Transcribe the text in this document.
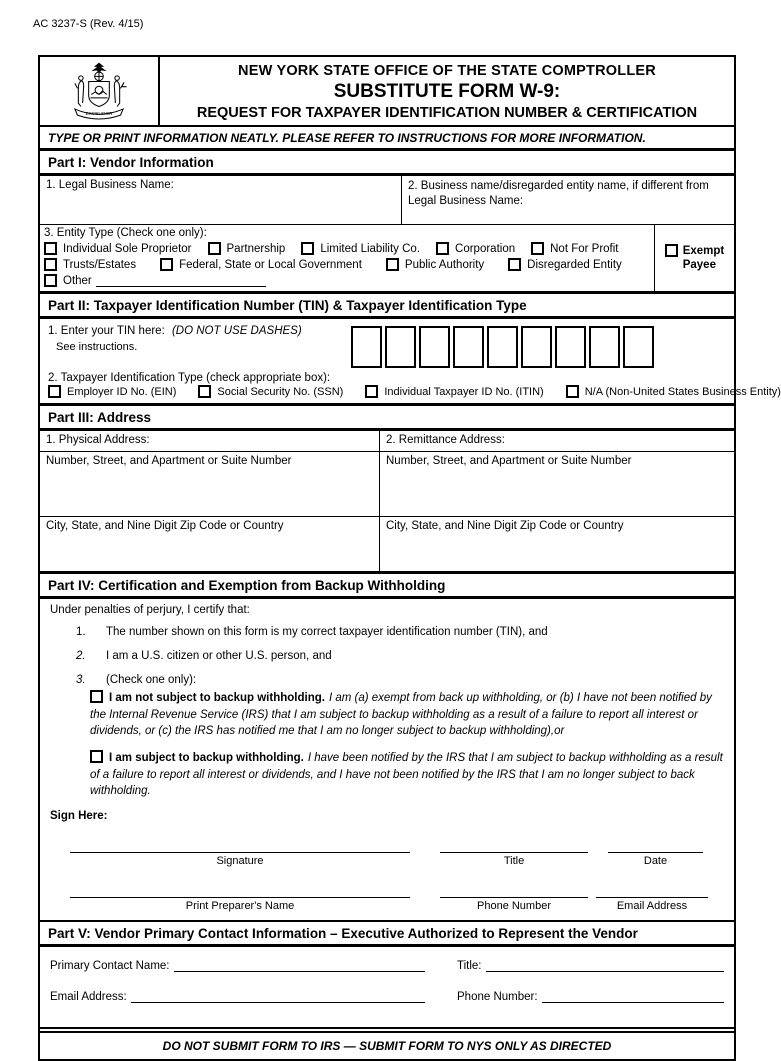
AC 3237-S (Rev. 4/15)
EXCELSIOR
NEW YORK STATE OFFICE OF THE STATE COMPTROLLER
SUBSTITUTE FORM W-9:
REQUEST FOR TAXPAYER IDENTIFICATION NUMBER & CERTIFICATION
TYPE OR PRINT INFORMATION NEATLY. PLEASE REFER TO INSTRUCTIONS FOR MORE INFORMATION.
Part I: Vendor Information
1. Legal Business Name:	2. Business name/disregarded entity name, if different from Legal Business Name:
3. Entity Type (Check one only):
Individual Sole Proprietor	Partnership	Limited Liability Co.	Corporation	Not For Profit
Trusts/Estates	Federal, State or Local Government	Public Authority	Disregarded Entity
Other
Exempt
Payee
Part II: Taxpayer Identification Number (TIN) & Taxpayer Identification Type
1. Enter your TIN here: (DO NOT USE DASHES)
See instructions.
2. Taxpayer Identification Type (check appropriate box):
Employer ID No. (EIN)	Social Security No. (SSN)	Individual Taxpayer ID No. (ITIN)	N/A (Non-United States Business Entity)
Part III: Address
1. Physical Address:	2. Remittance Address:
Number, Street, and Apartment or Suite Number	Number, Street, and Apartment or Suite Number
City, State, and Nine Digit Zip Code or Country	City, State, and Nine Digit Zip Code or Country
Part IV: Certification and Exemption from Backup Withholding
Under penalties of perjury, I certify that:
1.	The number shown on this form is my correct taxpayer identification number (TIN), and
2.	I am a U.S. citizen or other U.S. person, and
3.	(Check one only):
I am not subject to backup withholding. I am (a) exempt from back up withholding, or (b) I have not been notified by the Internal Revenue Service (IRS) that I am subject to backup withholding as a result of a failure to report all interest or dividends, or (c) the IRS has notified me that I am no longer subject to backup withholding),or
I am subject to backup withholding. I have been notified by the IRS that I am subject to backup withholding as a result of a failure to report all interest or dividends, and I have not been notified by the IRS that I am no longer subject to back withholding.
Sign Here:
Signature	Title	Date
Print Preparer's Name	Phone Number	Email Address
Part V: Vendor Primary Contact Information – Executive Authorized to Represent the Vendor
Primary Contact Name:	Title:
Email Address:	Phone Number:
DO NOT SUBMIT FORM TO IRS — SUBMIT FORM TO NYS ONLY AS DIRECTED
